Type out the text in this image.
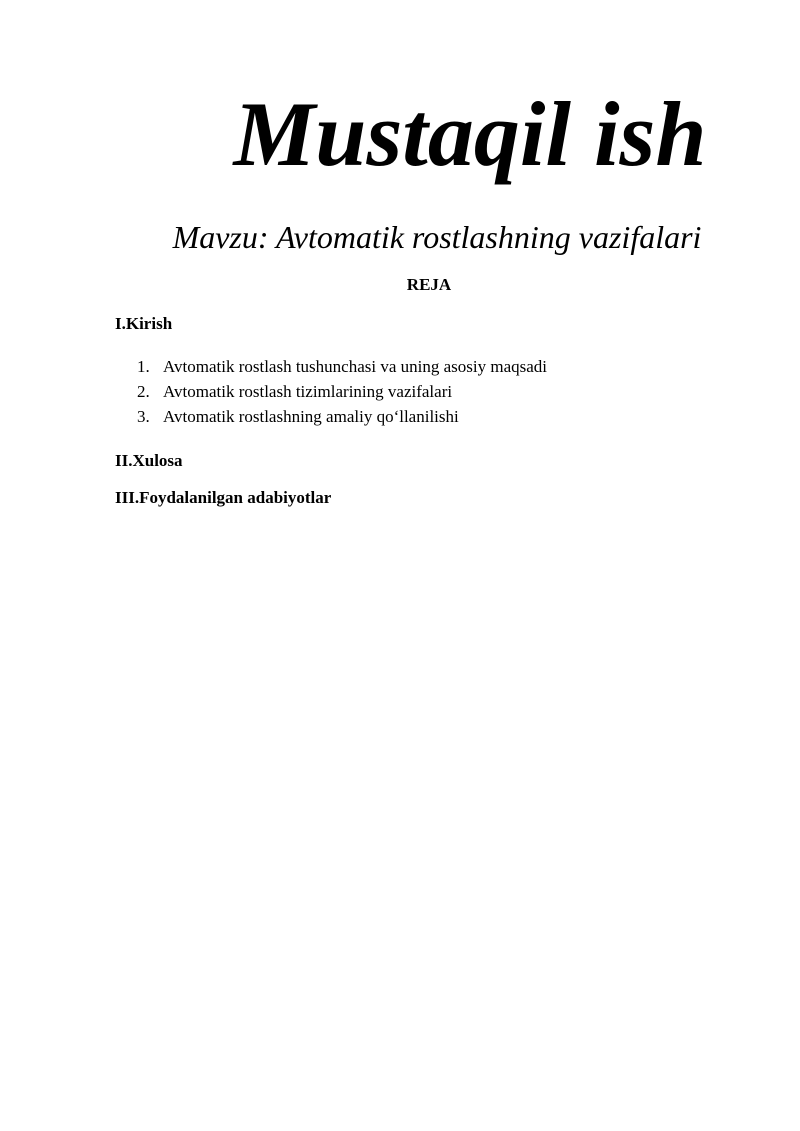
Mustaqil ish

Mavzu: Avtomatik rostlashning vazifalari

REJA

I.Kirish

1. Avtomatik rostlash tushunchasi va uning asosiy maqsadi
2. Avtomatik rostlash tizimlarining vazifalari
3. Avtomatik rostlashning amaliy qo‘llanilishi

II.Xulosa

III.Foydalanilgan adabiyotlar
